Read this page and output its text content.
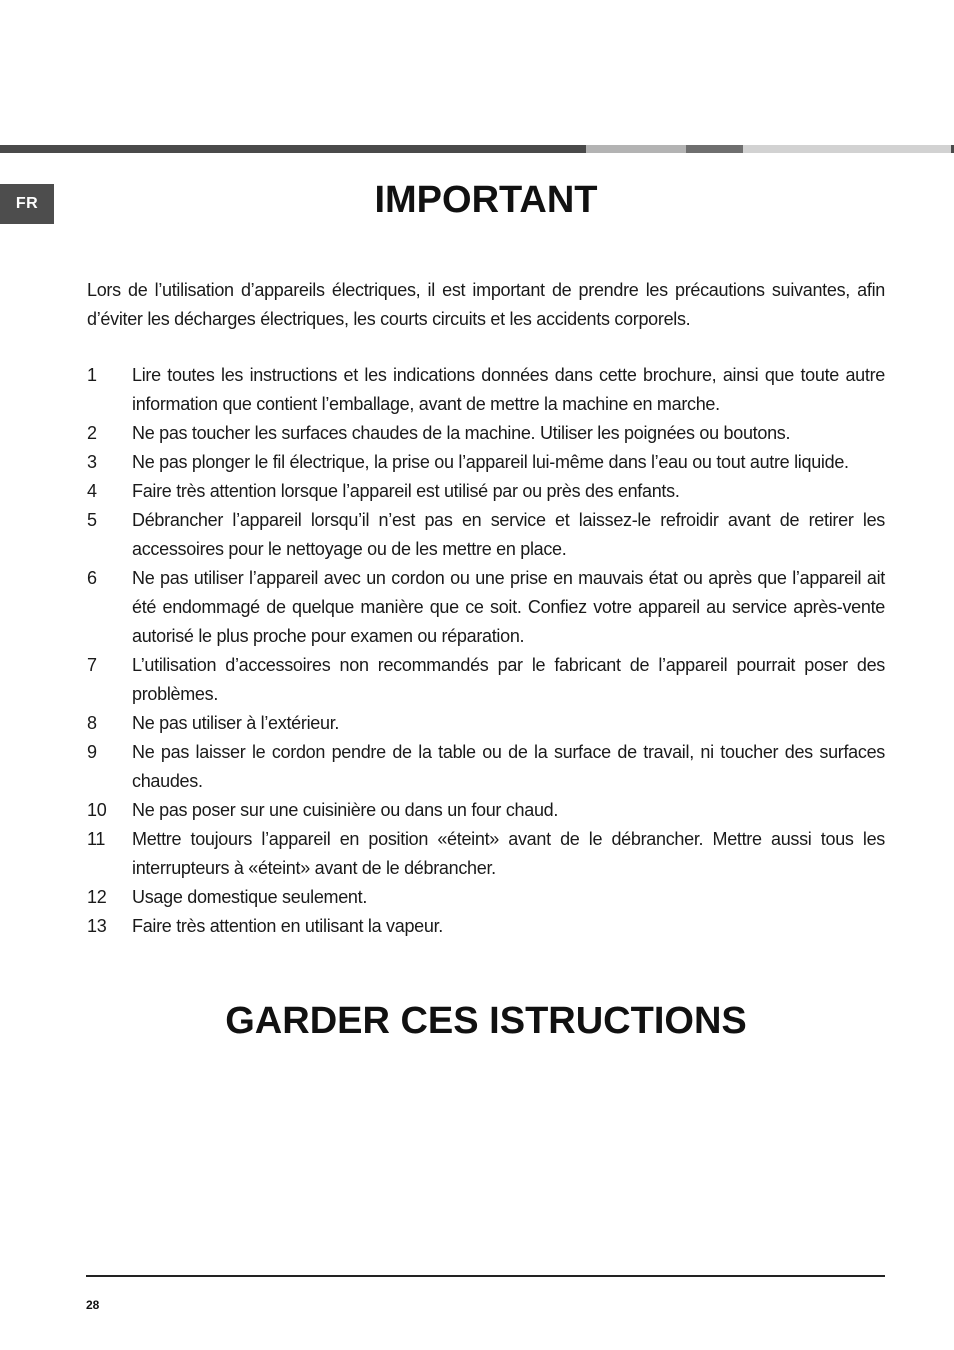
FR	IMPORTANT

Lors de l’utilisation d’appareils électriques, il est important de prendre les précautions suivantes, afin d’éviter les décharges électriques, les courts circuits et les accidents corporels.

1 Lire toutes les instructions et les indications données dans cette brochure, ainsi que toute autre information que contient l’emballage, avant de mettre la machine en marche.
2 Ne pas toucher les surfaces chaudes de la machine. Utiliser les poignées ou boutons.
3 Ne pas plonger le fil électrique, la prise ou l’appareil lui-même dans l’eau ou tout autre liquide.
4 Faire très attention lorsque l’appareil est utilisé par ou près des enfants.
5 Débrancher l’appareil lorsqu’il n’est pas en service et laissez-le refroidir avant de retirer les accessoires pour le nettoyage ou de les mettre en place.
6 Ne pas utiliser l’appareil avec un cordon ou une prise en mauvais état ou après que l’appareil ait été endommagé de quelque manière que ce soit. Confiez votre appareil au service après-vente autorisé le plus proche pour examen ou réparation.
7 L’utilisation d’accessoires non recommandés par le fabricant de l’appareil pourrait poser des problèmes.
8 Ne pas utiliser à l’extérieur.
9 Ne pas laisser le cordon pendre de la table ou de la surface de travail, ni toucher des surfaces chaudes.
10 Ne pas poser sur une cuisinière ou dans un four chaud.
11 Mettre toujours l’appareil en position «éteint» avant de le débrancher. Mettre aussi tous les interrupteurs à «éteint» avant de le débrancher.
12 Usage domestique seulement.
13 Faire très attention en utilisant la vapeur.
GARDER CES ISTRUCTIONS
28
